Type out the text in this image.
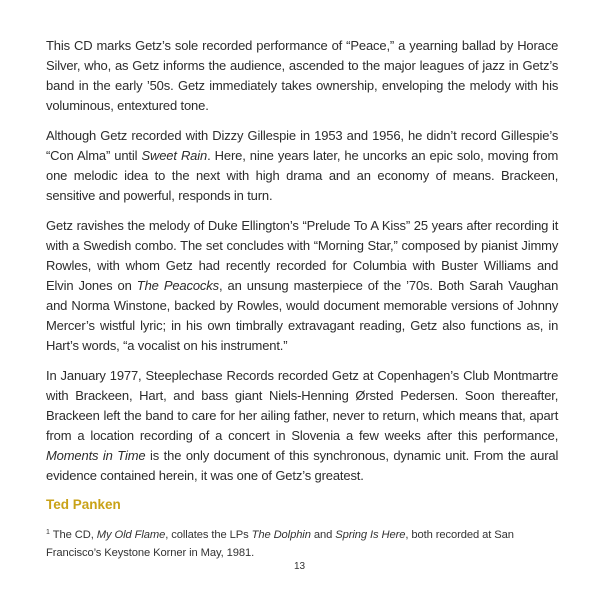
This CD marks Getz’s sole recorded performance of “Peace,” a yearning ballad by Horace Silver, who, as Getz informs the audience, ascended to the major leagues of jazz in Getz’s band in the early ’50s. Getz immediately takes ownership, enveloping the melody with his voluminous, entextured tone.

Although Getz recorded with Dizzy Gillespie in 1953 and 1956, he didn’t record Gillespie’s “Con Alma” until Sweet Rain. Here, nine years later, he uncorks an epic solo, moving from one melodic idea to the next with high drama and an economy of means. Brackeen, sensitive and powerful, responds in turn.

Getz ravishes the melody of Duke Ellington’s “Prelude To A Kiss” 25 years after recording it with a Swedish combo. The set concludes with “Morning Star,” composed by pianist Jimmy Rowles, with whom Getz had recently recorded for Columbia with Buster Williams and Elvin Jones on The Peacocks, an unsung masterpiece of the ’70s. Both Sarah Vaughan and Norma Winstone, backed by Rowles, would document memorable versions of Johnny Mercer’s wistful lyric; in his own timbrally extravagant reading, Getz also functions as, in Hart’s words, “a vocalist on his instrument.”

In January 1977, Steeplechase Records recorded Getz at Copenhagen’s Club Montmartre with Brackeen, Hart, and bass giant Niels-Henning Ørsted Pedersen. Soon thereafter, Brackeen left the band to care for her ailing father, never to return, which means that, apart from a location recording of a concert in Slovenia a few weeks after this performance, Moments in Time is the only document of this synchronous, dynamic unit. From the aural evidence contained herein, it was one of Getz’s greatest.

Ted Panken

$^1$ The CD, My Old Flame, collates the LPs The Dolphin and Spring Is Here, both recorded at San Francisco’s Keystone Korner in May, 1981.

13
